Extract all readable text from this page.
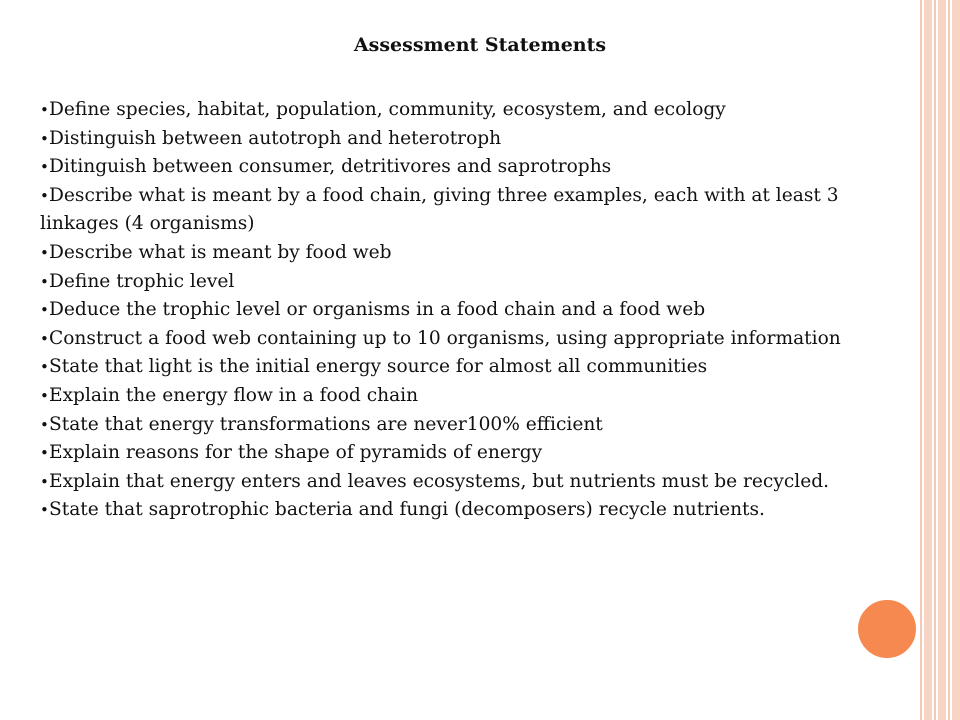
Assessment Statements
• Define species, habitat, population, community, ecosystem, and ecology
• Distinguish between autotroph and heterotroph
• Ditinguish between consumer, detritivores and saprotrophs
• Describe what is meant by a food chain, giving three examples, each with at least 3 linkages (4 organisms)
• Describe what is meant by food web
• Define trophic level
• Deduce the trophic level or organisms in a food chain and a food web
• Construct a food web containing up to 10 organisms, using appropriate information
• State that light is the initial energy source for almost all communities
• Explain the energy flow in a food chain
• State that energy transformations are never100% efficient
• Explain reasons for the shape of pyramids of energy
• Explain that energy enters and leaves ecosystems, but nutrients must be recycled.
• State that saprotrophic bacteria and fungi (decomposers) recycle nutrients.
